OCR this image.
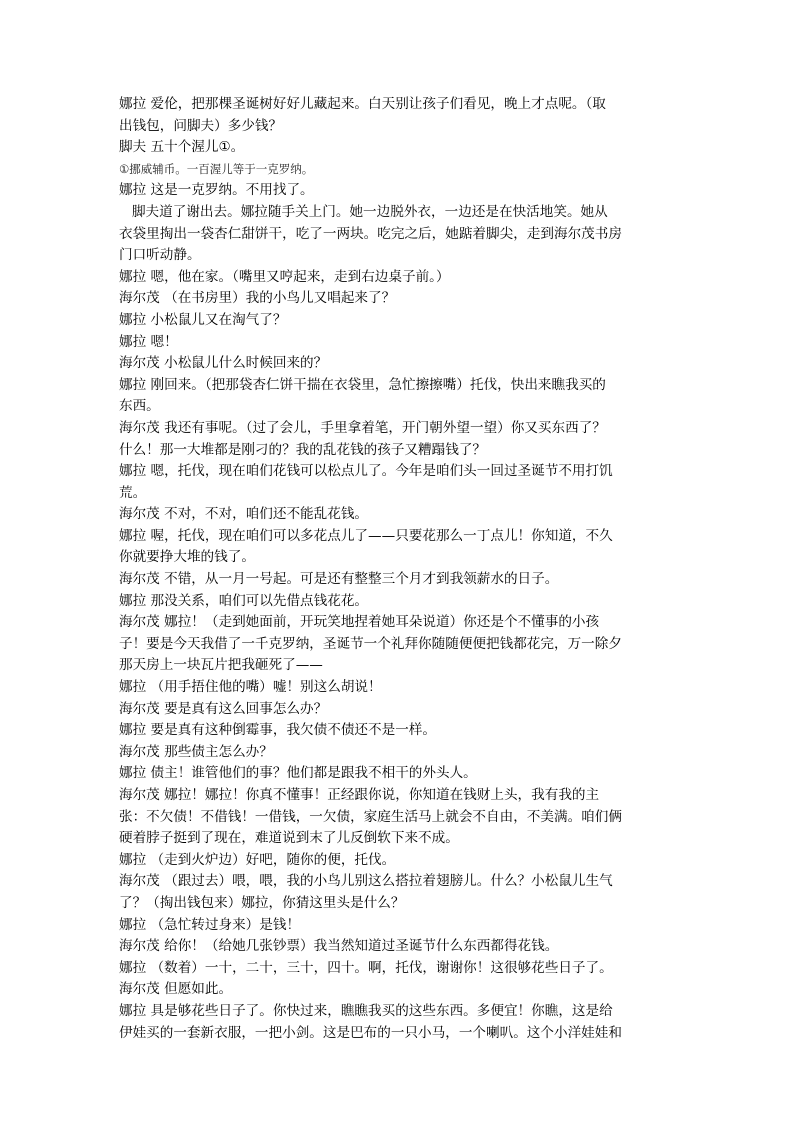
娜拉 爱伦，把那棵圣诞树好好儿藏起来。白天别让孩子们看见，晚上才点呢。（取
出钱包，问脚夫）多少钱？
脚夫 五十个渥儿①。
①挪威辅币。一百渥儿等于一克罗纳。
娜拉 这是一克罗纳。不用找了。
脚夫道了谢出去。娜拉随手关上门。她一边脱外衣，一边还是在快活地笑。她从
衣袋里掏出一袋杏仁甜饼干，吃了一两块。吃完之后，她踮着脚尖，走到海尔茂书房
门口听动静。
娜拉 嗯，他在家。（嘴里又哼起来，走到右边桌子前。）
海尔茂 （在书房里）我的小鸟儿又唱起来了？
娜拉 小松鼠儿又在淘气了？
娜拉 嗯！
海尔茂 小松鼠儿什么时候回来的？
娜拉 刚回来。（把那袋杏仁饼干揣在衣袋里，急忙擦擦嘴）托伐，快出来瞧我买的
东西。
海尔茂 我还有事呢。（过了会儿，手里拿着笔，开门朝外望一望）你又买东西了？
什么！那一大堆都是刚刁的？我的乱花钱的孩子又糟蹋钱了？
娜拉 嗯，托伐，现在咱们花钱可以松点儿了。今年是咱们头一回过圣诞节不用打饥
荒。
海尔茂 不对，不对，咱们还不能乱花钱。
娜拉 喔，托伐，现在咱们可以多花点儿了——只要花那么一丁点儿！你知道，不久
你就要挣大堆的钱了。
海尔茂 不错，从一月一号起。可是还有整整三个月才到我领薪水的日子。
娜拉 那没关系，咱们可以先借点钱花花。
海尔茂 娜拉！（走到她面前，开玩笑地捏着她耳朵说道）你还是个不懂事的小孩
子！要是今天我借了一千克罗纳，圣诞节一个礼拜你随随便便把钱都花完，万一除夕
那天房上一块瓦片把我砸死了——
娜拉 （用手捂住他的嘴）嘘！别这么胡说！
海尔茂 要是真有这么回事怎么办？
娜拉 要是真有这种倒霉事，我欠债不债还不是一样。
海尔茂 那些债主怎么办？
娜拉 债主！谁管他们的事？他们都是跟我不相干的外头人。
海尔茂 娜拉！娜拉！你真不懂事！正经跟你说，你知道在钱财上头，我有我的主
张：不欠债！不借钱！一借钱，一欠债，家庭生活马上就会不自由，不美满。咱们俩
硬着脖子挺到了现在，难道说到末了儿反倒软下来不成。
娜拉 （走到火炉边）好吧，随你的便，托伐。
海尔茂 （跟过去）喂，喂，我的小鸟儿别这么搭拉着翅膀儿。什么？小松鼠儿生气
了？（掏出钱包来）娜拉，你猜这里头是什么？
娜拉 （急忙转过身来）是钱！
海尔茂 给你！（给她几张钞票）我当然知道过圣诞节什么东西都得花钱。
娜拉 （数着）一十，二十，三十，四十。啊，托伐，谢谢你！这很够花些日子了。
海尔茂 但愿如此。
娜拉 具是够花些日子了。你快过来，瞧瞧我买的这些东西。多便宜！你瞧，这是给
伊娃买的一套新衣服，一把小剑。这是巴布的一只小马，一个喇叭。这个小洋娃娃和
